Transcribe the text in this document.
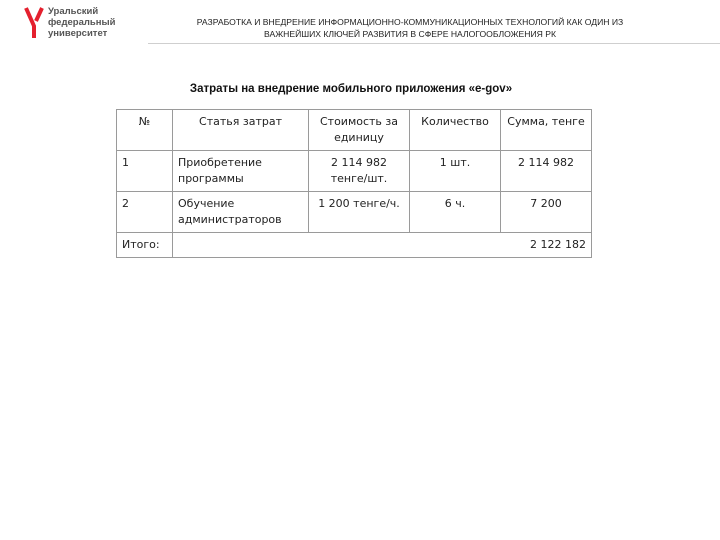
Уральский
федеральный
университет
РАЗРАБОТКА И ВНЕДРЕНИЕ ИНФОРМАЦИОННО-КОММУНИКАЦИОННЫХ ТЕХНОЛОГИЙ КАК ОДИН ИЗ
ВАЖНЕЙШИХ КЛЮЧЕЙ РАЗВИТИЯ В СФЕРЕ НАЛОГООБЛОЖЕНИЯ РК
Затраты на внедрение мобильного приложения «e-gov»
№	Статья затрат	Стоимость за единицу	Количество	Сумма, тенге
1	Приобретение программы	2 114 982 тенге/шт.	1 шт.	2 114 982
2	Обучение администраторов	1 200 тенге/ч.	6 ч.	7 200
Итого:	2 122 182			
